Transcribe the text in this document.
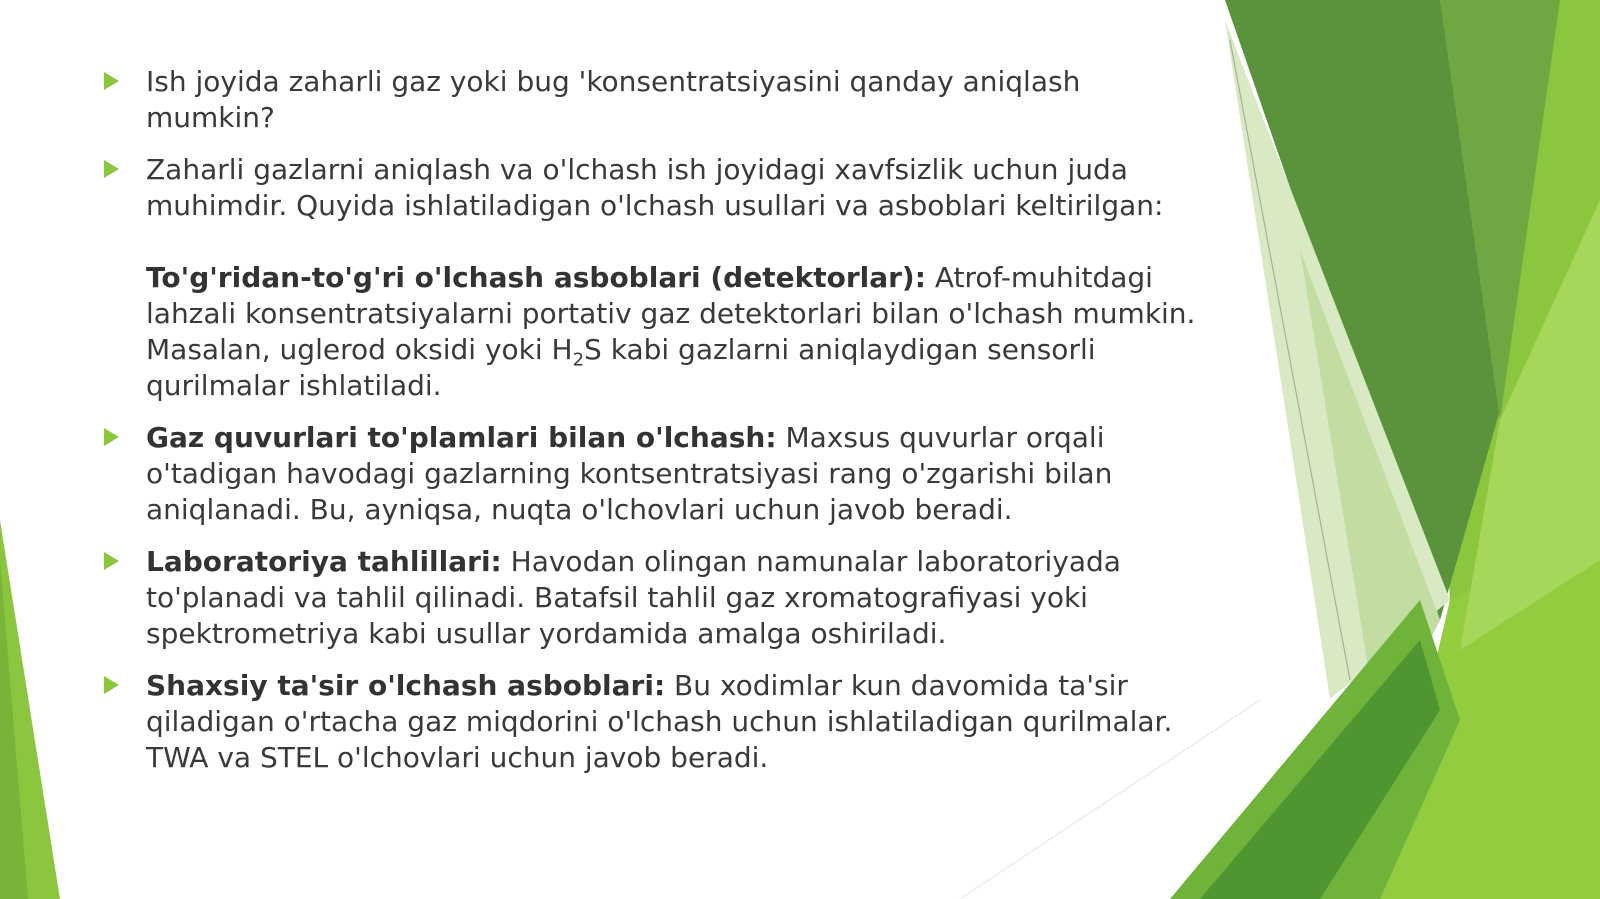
Ish joyida zaharli gaz yoki bug 'konsentratsiyasini qanday aniqlash mumkin?
Zaharli gazlarni aniqlash va o'lchash ish joyidagi xavfsizlik uchun juda muhimdir. Quyida ishlatiladigan o'lchash usullari va asboblari keltirilgan:
To'g'ridan-to'g'ri o'lchash asboblari (detektorlar): Atrof-muhitdagi lahzali konsentratsiyalarni portativ gaz detektorlari bilan o'lchash mumkin. Masalan, uglerod oksidi yoki $H_2S$ kabi gazlarni aniqlaydigan sensorli qurilmalar ishlatiladi.
Gaz quvurlari to'plamlari bilan o'lchash: Maxsus quvurlar orqali o'tadigan havodagi gazlarning kontsentratsiyasi rang o'zgarishi bilan aniqlanadi. Bu, ayniqsa, nuqta o'lchovlari uchun javob beradi.
Laboratoriya tahlillari: Havodan olingan namunalar laboratoriyada to'planadi va tahlil qilinadi. Batafsil tahlil gaz xromatografiyasi yoki spektrometriya kabi usullar yordamida amalga oshiriladi.
Shaxsiy ta'sir o'lchash asboblari: Bu xodimlar kun davomida ta'sir qiladigan o'rtacha gaz miqdorini o'lchash uchun ishlatiladigan qurilmalar. TWA va STEL o'lchovlari uchun javob beradi.
